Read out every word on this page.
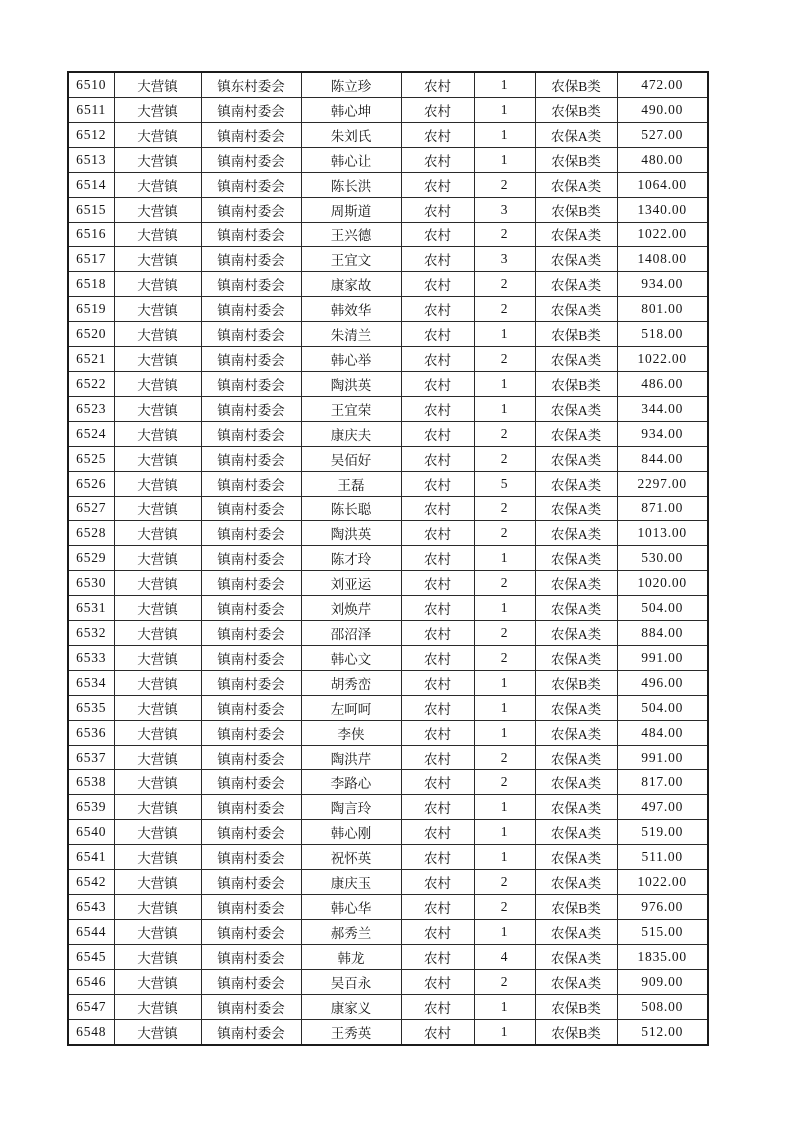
6510	大营镇	镇东村委会	陈立珍	农村	1	农保B类	472.00
6511	大营镇	镇南村委会	韩心坤	农村	1	农保B类	490.00
6512	大营镇	镇南村委会	朱刘氏	农村	1	农保A类	527.00
6513	大营镇	镇南村委会	韩心让	农村	1	农保B类	480.00
6514	大营镇	镇南村委会	陈长洪	农村	2	农保A类	1064.00
6515	大营镇	镇南村委会	周斯道	农村	3	农保B类	1340.00
6516	大营镇	镇南村委会	王兴德	农村	2	农保A类	1022.00
6517	大营镇	镇南村委会	王宜文	农村	3	农保A类	1408.00
6518	大营镇	镇南村委会	康家故	农村	2	农保A类	934.00
6519	大营镇	镇南村委会	韩效华	农村	2	农保A类	801.00
6520	大营镇	镇南村委会	朱清兰	农村	1	农保B类	518.00
6521	大营镇	镇南村委会	韩心举	农村	2	农保A类	1022.00
6522	大营镇	镇南村委会	陶洪英	农村	1	农保B类	486.00
6523	大营镇	镇南村委会	王宜荣	农村	1	农保A类	344.00
6524	大营镇	镇南村委会	康庆夫	农村	2	农保A类	934.00
6525	大营镇	镇南村委会	吴佰好	农村	2	农保A类	844.00
6526	大营镇	镇南村委会	王磊	农村	5	农保A类	2297.00
6527	大营镇	镇南村委会	陈长聪	农村	2	农保A类	871.00
6528	大营镇	镇南村委会	陶洪英	农村	2	农保A类	1013.00
6529	大营镇	镇南村委会	陈才玲	农村	1	农保A类	530.00
6530	大营镇	镇南村委会	刘亚运	农村	2	农保A类	1020.00
6531	大营镇	镇南村委会	刘焕芹	农村	1	农保A类	504.00
6532	大营镇	镇南村委会	邵沼泽	农村	2	农保A类	884.00
6533	大营镇	镇南村委会	韩心文	农村	2	农保A类	991.00
6534	大营镇	镇南村委会	胡秀峦	农村	1	农保B类	496.00
6535	大营镇	镇南村委会	左呵呵	农村	1	农保A类	504.00
6536	大营镇	镇南村委会	李侠	农村	1	农保A类	484.00
6537	大营镇	镇南村委会	陶洪芹	农村	2	农保A类	991.00
6538	大营镇	镇南村委会	李路心	农村	2	农保A类	817.00
6539	大营镇	镇南村委会	陶言玲	农村	1	农保A类	497.00
6540	大营镇	镇南村委会	韩心刚	农村	1	农保A类	519.00
6541	大营镇	镇南村委会	祝怀英	农村	1	农保A类	511.00
6542	大营镇	镇南村委会	康庆玉	农村	2	农保A类	1022.00
6543	大营镇	镇南村委会	韩心华	农村	2	农保B类	976.00
6544	大营镇	镇南村委会	郝秀兰	农村	1	农保A类	515.00
6545	大营镇	镇南村委会	韩龙	农村	4	农保A类	1835.00
6546	大营镇	镇南村委会	吴百永	农村	2	农保A类	909.00
6547	大营镇	镇南村委会	康家义	农村	1	农保B类	508.00
6548	大营镇	镇南村委会	王秀英	农村	1	农保B类	512.00
